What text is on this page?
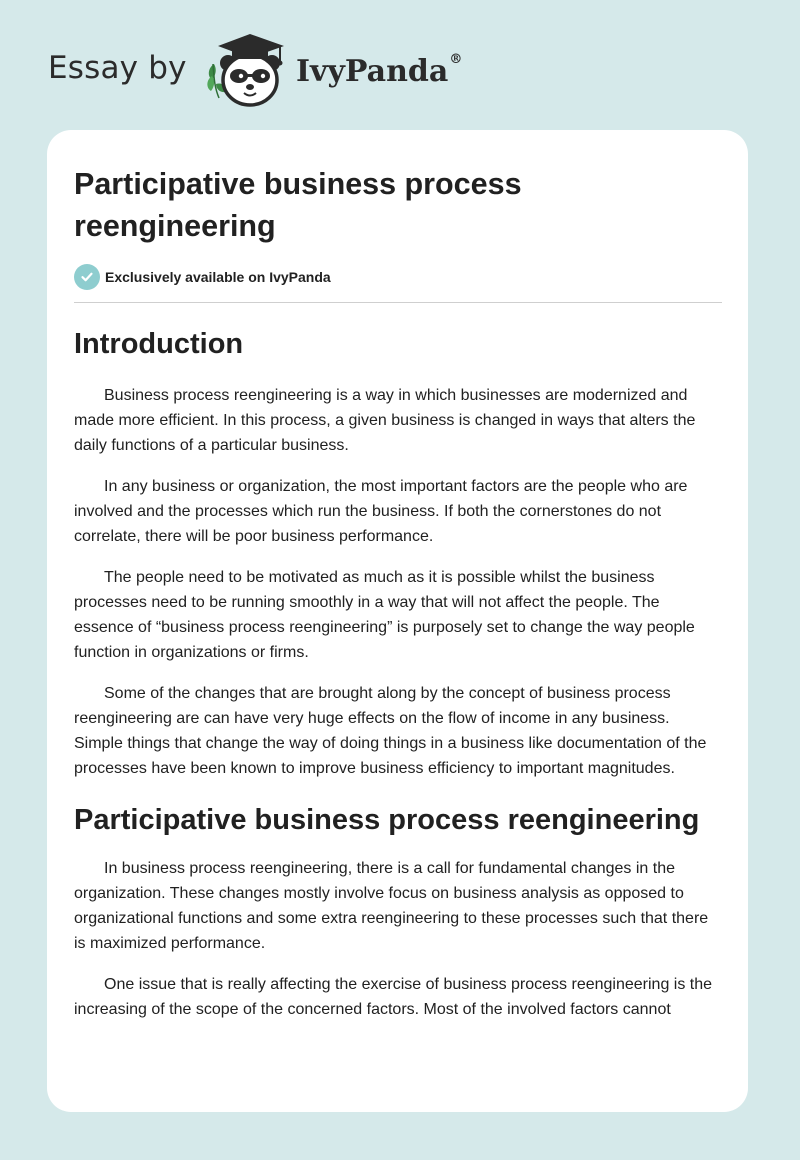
Essay by	IvyPanda®
Participative business process reengineering
Exclusively available on IvyPanda
Introduction

Business process reengineering is a way in which businesses are modernized and made more efficient. In this process, a given business is changed in ways that alters the daily functions of a particular business.

In any business or organization, the most important factors are the people who are involved and the processes which run the business. If both the cornerstones do not correlate, there will be poor business performance.

The people need to be motivated as much as it is possible whilst the business processes need to be running smoothly in a way that will not affect the people. The essence of “business process reengineering” is purposely set to change the way people function in organizations or firms.

Some of the changes that are brought along by the concept of business process reengineering are can have very huge effects on the flow of income in any business. Simple things that change the way of doing things in a business like documentation of the processes have been known to improve business efficiency to important magnitudes.

Participative business process reengineering

In business process reengineering, there is a call for fundamental changes in the organization. These changes mostly involve focus on business analysis as opposed to organizational functions and some extra reengineering to these processes such that there is maximized performance.

One issue that is really affecting the exercise of business process reengineering is the increasing of the scope of the concerned factors. Most of the involved factors cannot
